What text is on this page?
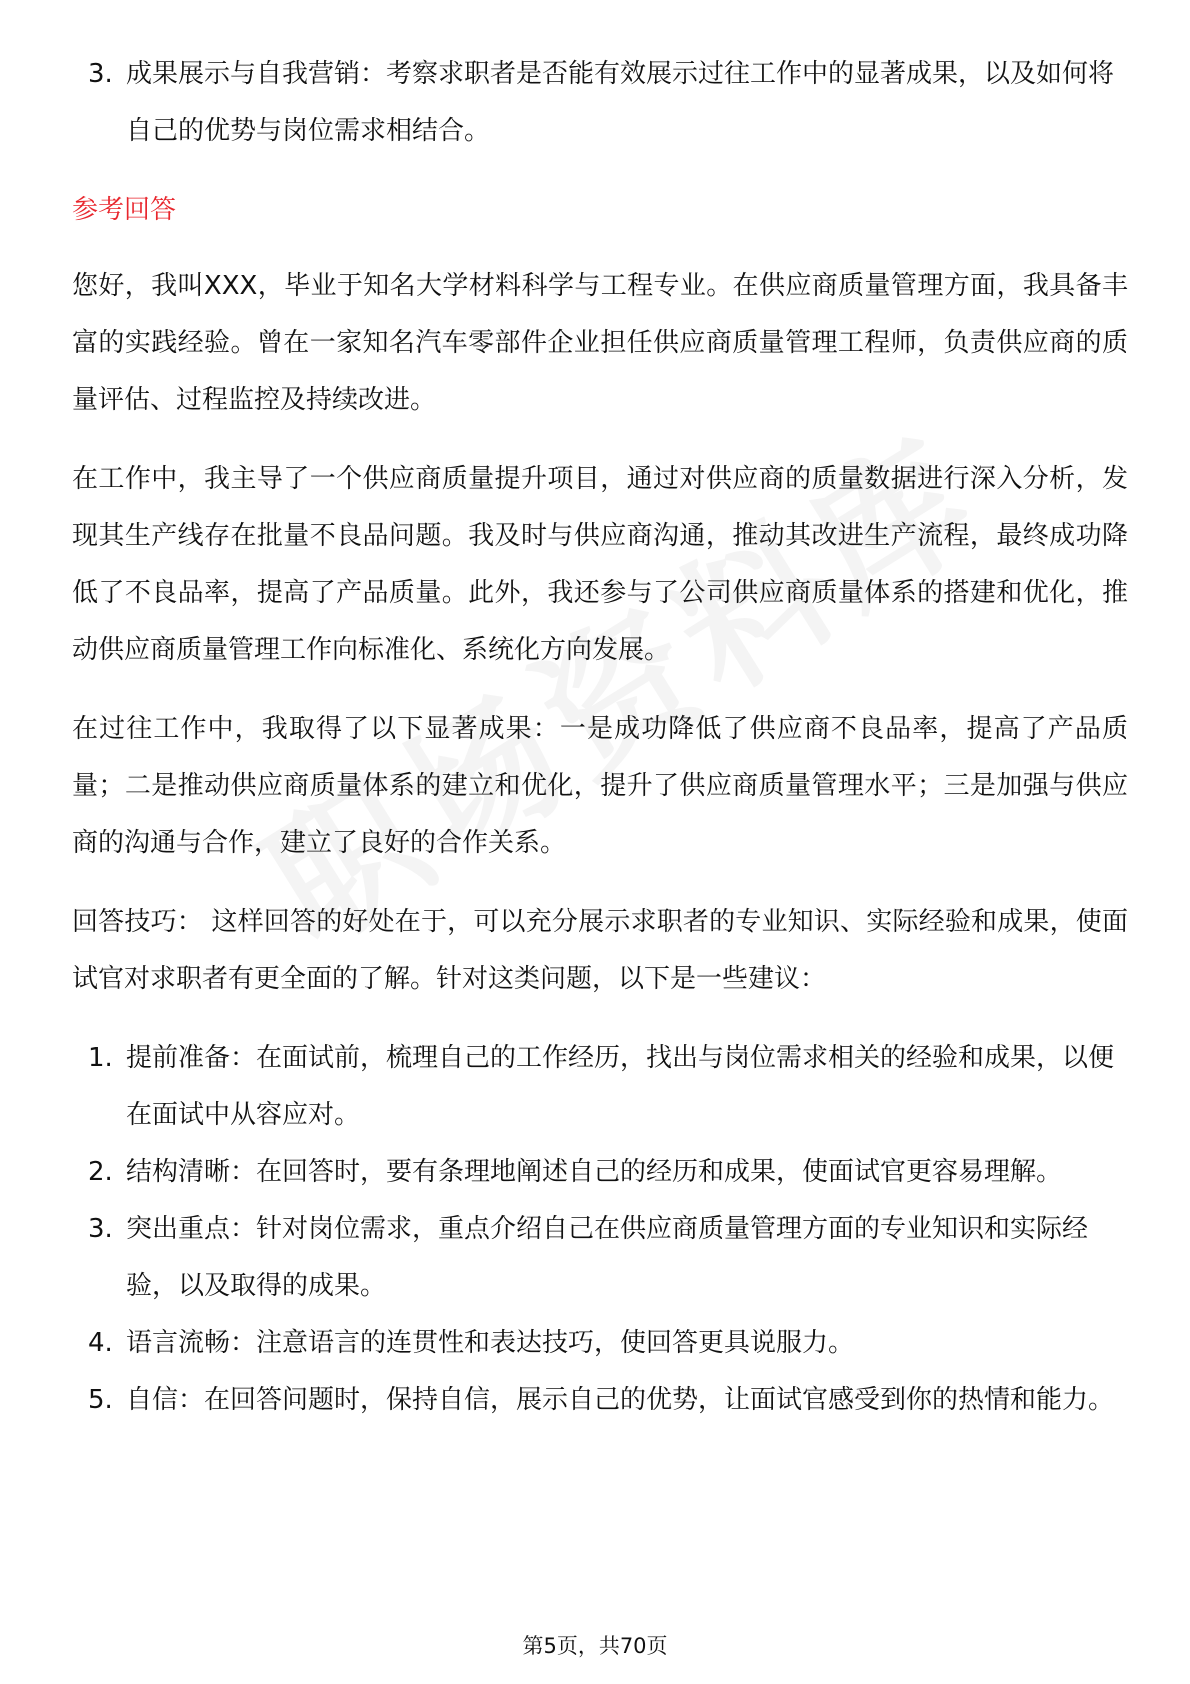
3. 成果展示与自我营销：考察求职者是否能有效展示过往工作中的显著成果，以及如何将自己的优势与岗位需求相结合。
参考回答

您好，我叫XXX，毕业于知名大学材料科学与工程专业。在供应商质量管理方面，我具备丰富的实践经验。曾在一家知名汽车零部件企业担任供应商质量管理工程师，负责供应商的质量评估、过程监控及持续改进。

在工作中，我主导了一个供应商质量提升项目，通过对供应商的质量数据进行深入分析，发现其生产线存在批量不良品问题。我及时与供应商沟通，推动其改进生产流程，最终成功降低了不良品率，提高了产品质量。此外，我还参与了公司供应商质量体系的搭建和优化，推动供应商质量管理工作向标准化、系统化方向发展。

在过往工作中，我取得了以下显著成果：一是成功降低了供应商不良品率，提高了产品质量；二是推动供应商质量体系的建立和优化，提升了供应商质量管理水平；三是加强与供应商的沟通与合作，建立了良好的合作关系。

回答技巧： 这样回答的好处在于，可以充分展示求职者的专业知识、实际经验和成果，使面试官对求职者有更全面的了解。针对这类问题，以下是一些建议：

1. 提前准备：在面试前，梳理自己的工作经历，找出与岗位需求相关的经验和成果，以便在面试中从容应对。
2. 结构清晰：在回答时，要有条理地阐述自己的经历和成果，使面试官更容易理解。
3. 突出重点：针对岗位需求，重点介绍自己在供应商质量管理方面的专业知识和实际经验，以及取得的成果。
4. 语言流畅：注意语言的连贯性和表达技巧，使回答更具说服力。
5. 自信：在回答问题时，保持自信，展示自己的优势，让面试官感受到你的热情和能力。
第5页，共70页
